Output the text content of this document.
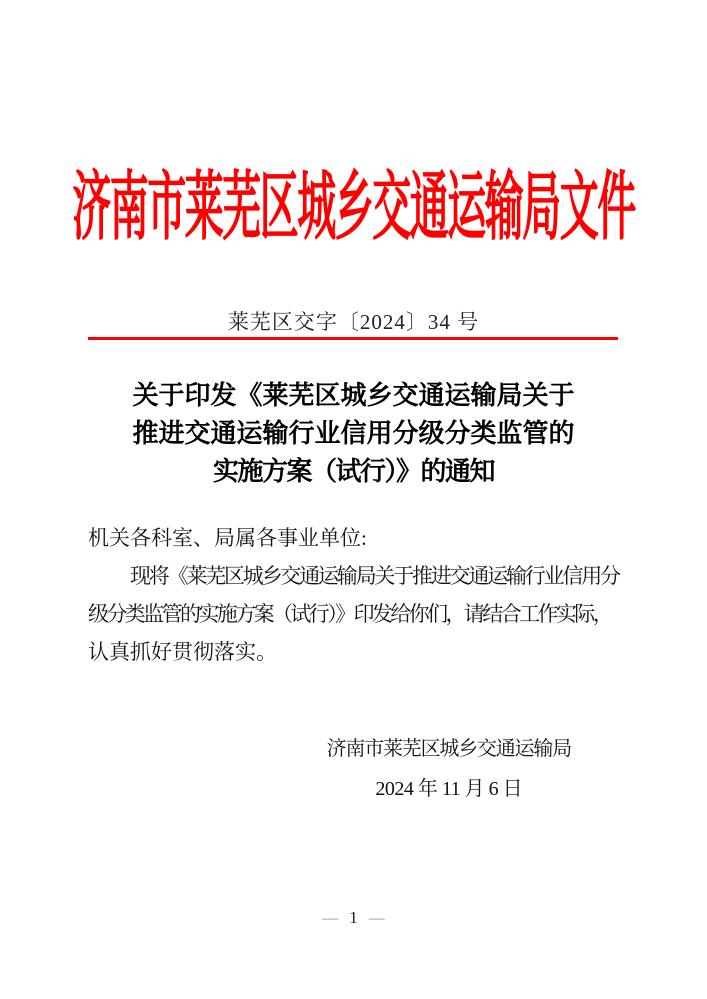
济南市莱芜区城乡交通运输局文件
莱芜区交字〔2024〕34 号
关于印发《莱芜区城乡交通运输局关于
推进交通运输行业信用分级分类监管的
实施方案（试行）》的通知
机关各科室、局属各事业单位:
现将《莱芜区城乡交通运输局关于推进交通运输行业信用分
级分类监管的实施方案（试行）》印发给你们，请结合工作实际，
认真抓好贯彻落实。
济南市莱芜区城乡交通运输局
2024 年 11 月 6 日
— 1 —
